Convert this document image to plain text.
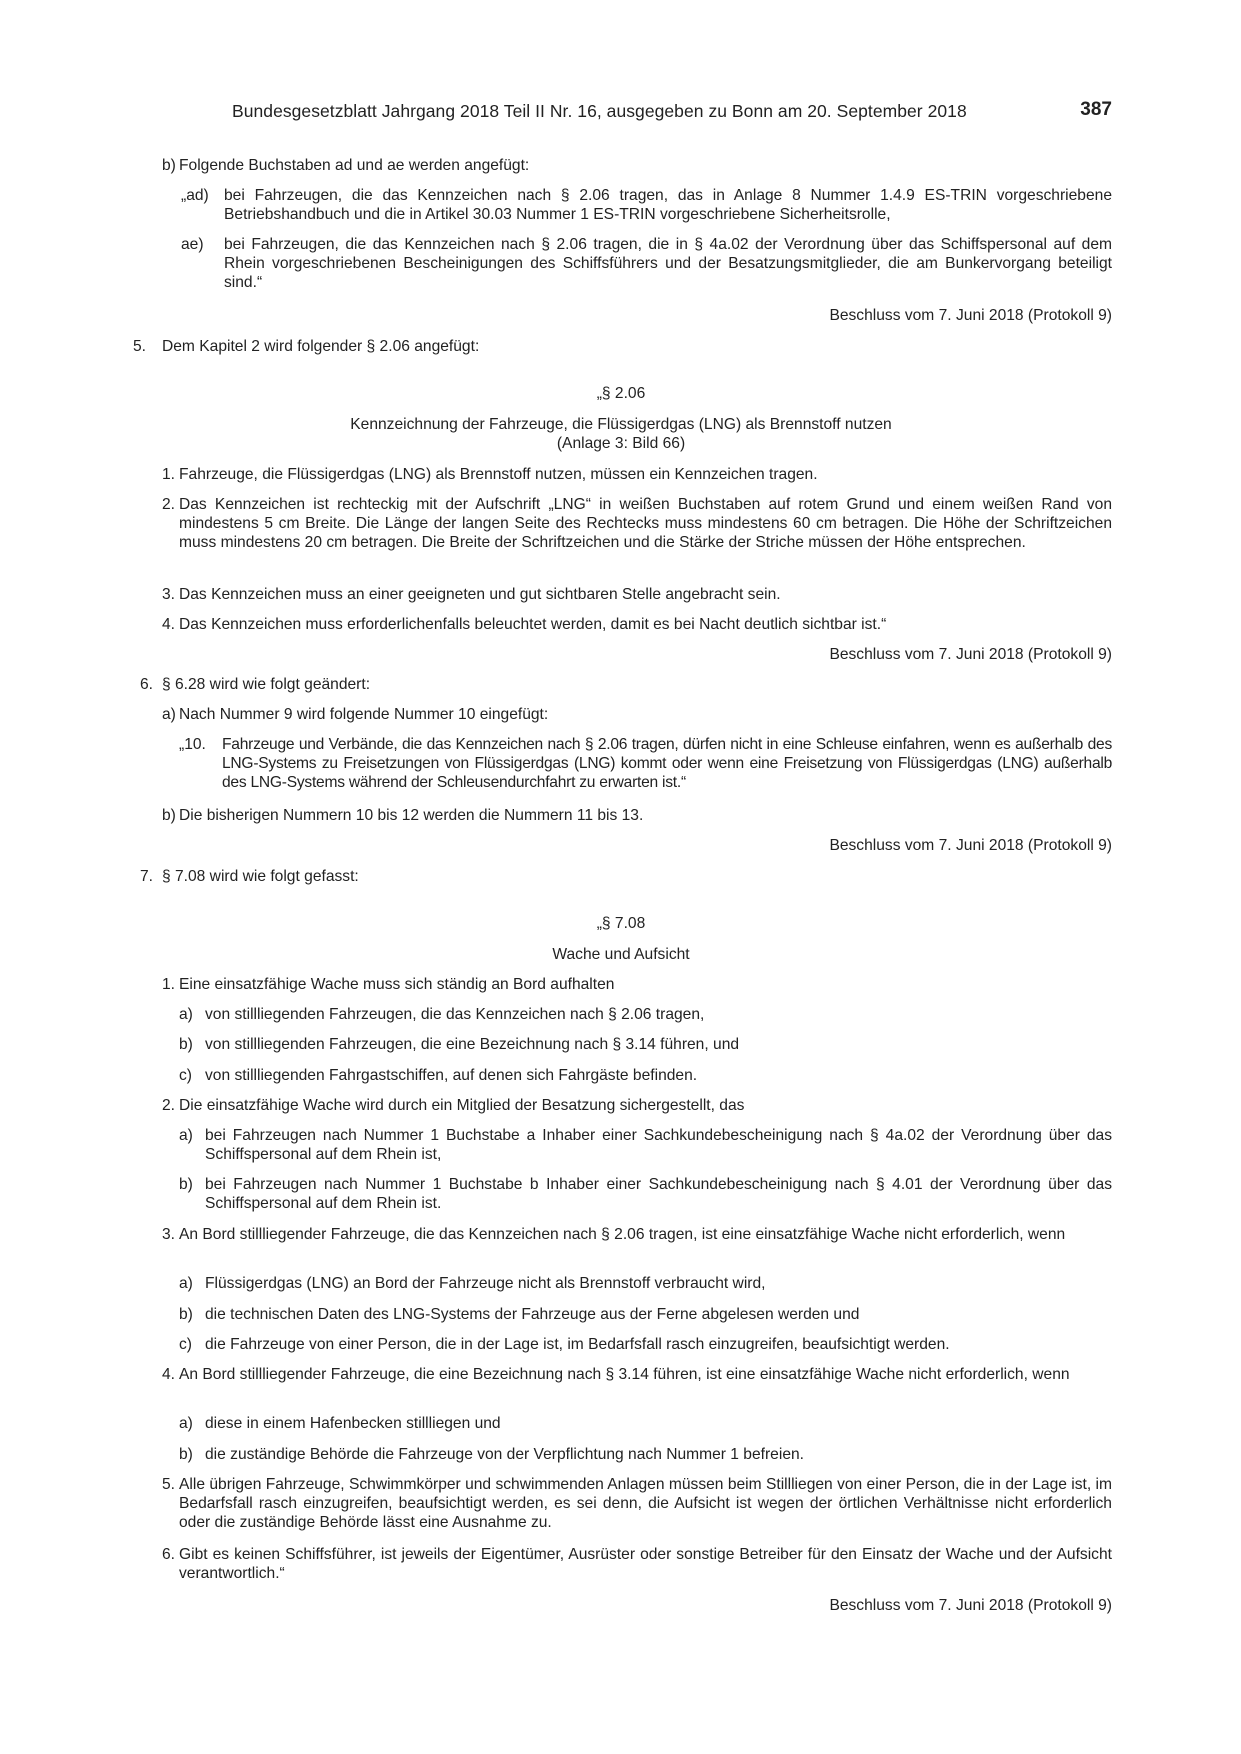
Bundesgesetzblatt Jahrgang 2018 Teil II Nr. 16, ausgegeben zu Bonn am 20. September 2018	387
b) Folgende Buchstaben ad und ae werden angefügt:
„ad) bei Fahrzeugen, die das Kennzeichen nach § 2.06 tragen, das in Anlage 8 Nummer 1.4.9 ES-TRIN vorgeschriebene Betriebshandbuch und die in Artikel 30.03 Nummer 1 ES-TRIN vorgeschriebene Sicherheitsrolle,
ae) bei Fahrzeugen, die das Kennzeichen nach § 2.06 tragen, die in § 4a.02 der Verordnung über das Schiffspersonal auf dem Rhein vorgeschriebenen Bescheinigungen des Schiffsführers und der Besatzungsmitglieder, die am Bunkervorgang beteiligt sind.“
Beschluss vom 7. Juni 2018 (Protokoll 9)
5. Dem Kapitel 2 wird folgender § 2.06 angefügt:
„§ 2.06
Kennzeichnung der Fahrzeuge, die Flüssigerdgas (LNG) als Brennstoff nutzen
(Anlage 3: Bild 66)
1. Fahrzeuge, die Flüssigerdgas (LNG) als Brennstoff nutzen, müssen ein Kennzeichen tragen.
2. Das Kennzeichen ist rechteckig mit der Aufschrift „LNG“ in weißen Buchstaben auf rotem Grund und einem weißen Rand von mindestens 5 cm Breite. Die Länge der langen Seite des Rechtecks muss mindestens 60 cm betragen. Die Höhe der Schriftzeichen muss mindestens 20 cm betragen. Die Breite der Schriftzeichen und die Stärke der Striche müssen der Höhe entsprechen.
3. Das Kennzeichen muss an einer geeigneten und gut sichtbaren Stelle angebracht sein.
4. Das Kennzeichen muss erforderlichenfalls beleuchtet werden, damit es bei Nacht deutlich sichtbar ist.“
Beschluss vom 7. Juni 2018 (Protokoll 9)
6. § 6.28 wird wie folgt geändert:
a) Nach Nummer 9 wird folgende Nummer 10 eingefügt:
„10. Fahrzeuge und Verbände, die das Kennzeichen nach § 2.06 tragen, dürfen nicht in eine Schleuse einfahren, wenn es außerhalb des LNG-Systems zu Freisetzungen von Flüssigerdgas (LNG) kommt oder wenn eine Freisetzung von Flüssigerdgas (LNG) außerhalb des LNG-Systems während der Schleusendurchfahrt zu erwarten ist.“
b) Die bisherigen Nummern 10 bis 12 werden die Nummern 11 bis 13.
Beschluss vom 7. Juni 2018 (Protokoll 9)
7. § 7.08 wird wie folgt gefasst:
„§ 7.08
Wache und Aufsicht
1. Eine einsatzfähige Wache muss sich ständig an Bord aufhalten
a) von stillliegenden Fahrzeugen, die das Kennzeichen nach § 2.06 tragen,
b) von stillliegenden Fahrzeugen, die eine Bezeichnung nach § 3.14 führen, und
c) von stillliegenden Fahrgastschiffen, auf denen sich Fahrgäste befinden.
2. Die einsatzfähige Wache wird durch ein Mitglied der Besatzung sichergestellt, das
a) bei Fahrzeugen nach Nummer 1 Buchstabe a Inhaber einer Sachkundebescheinigung nach § 4a.02 der Verordnung über das Schiffspersonal auf dem Rhein ist,
b) bei Fahrzeugen nach Nummer 1 Buchstabe b Inhaber einer Sachkundebescheinigung nach § 4.01 der Verordnung über das Schiffspersonal auf dem Rhein ist.
3. An Bord stillliegender Fahrzeuge, die das Kennzeichen nach § 2.06 tragen, ist eine einsatzfähige Wache nicht erforderlich, wenn
a) Flüssigerdgas (LNG) an Bord der Fahrzeuge nicht als Brennstoff verbraucht wird,
b) die technischen Daten des LNG-Systems der Fahrzeuge aus der Ferne abgelesen werden und
c) die Fahrzeuge von einer Person, die in der Lage ist, im Bedarfsfall rasch einzugreifen, beaufsichtigt werden.
4. An Bord stillliegender Fahrzeuge, die eine Bezeichnung nach § 3.14 führen, ist eine einsatzfähige Wache nicht erforderlich, wenn
a) diese in einem Hafenbecken stillliegen und
b) die zuständige Behörde die Fahrzeuge von der Verpflichtung nach Nummer 1 befreien.
5. Alle übrigen Fahrzeuge, Schwimmkörper und schwimmenden Anlagen müssen beim Stillliegen von einer Person, die in der Lage ist, im Bedarfsfall rasch einzugreifen, beaufsichtigt werden, es sei denn, die Aufsicht ist wegen der örtlichen Verhältnisse nicht erforderlich oder die zuständige Behörde lässt eine Ausnahme zu.
6. Gibt es keinen Schiffsführer, ist jeweils der Eigentümer, Ausrüster oder sonstige Betreiber für den Einsatz der Wache und der Aufsicht verantwortlich.“
Beschluss vom 7. Juni 2018 (Protokoll 9)
